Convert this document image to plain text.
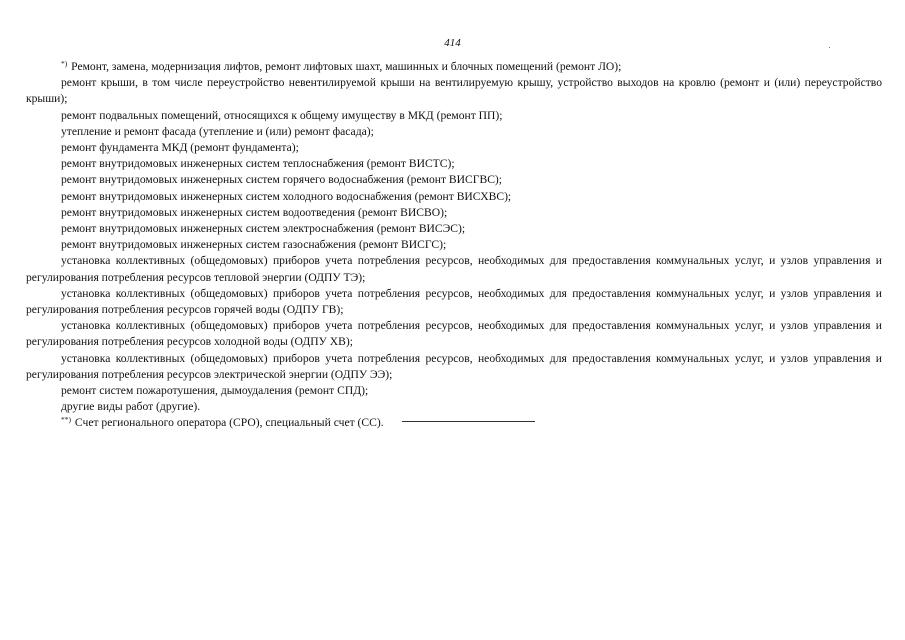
414

*) Ремонт, замена, модернизация лифтов, ремонт лифтовых шахт, машинных и блочных помещений (ремонт ЛО);

ремонт крыши, в том числе переустройство невентилируемой крыши на вентилируемую крышу, устройство выходов на кровлю (ремонт и (или) переустройство крыши);

ремонт подвальных помещений, относящихся к общему имуществу в МКД (ремонт ПП);

утепление и ремонт фасада (утепление и (или) ремонт фасада);

ремонт фундамента МКД (ремонт фундамента);

ремонт внутридомовых инженерных систем теплоснабжения (ремонт ВИСТС);

ремонт внутридомовых инженерных систем горячего водоснабжения (ремонт ВИСГВС);

ремонт внутридомовых инженерных систем холодного водоснабжения (ремонт ВИСХВС);

ремонт внутридомовых инженерных систем водоотведения (ремонт ВИСВО);

ремонт внутридомовых инженерных систем электроснабжения (ремонт ВИСЭС);

ремонт внутридомовых инженерных систем газоснабжения (ремонт ВИСГС);

установка коллективных (общедомовых) приборов учета потребления ресурсов, необходимых для предоставления коммунальных услуг, и узлов управления и регулирования потребления ресурсов тепловой энергии (ОДПУ ТЭ);

установка коллективных (общедомовых) приборов учета потребления ресурсов, необходимых для предоставления коммунальных услуг, и узлов управления и регулирования потребления ресурсов горячей воды (ОДПУ ГВ);

установка коллективных (общедомовых) приборов учета потребления ресурсов, необходимых для предоставления коммунальных услуг, и узлов управления и регулирования потребления ресурсов холодной воды (ОДПУ ХВ);

установка коллективных (общедомовых) приборов учета потребления ресурсов, необходимых для предоставления коммунальных услуг, и узлов управления и регулирования потребления ресурсов электрической энергии (ОДПУ ЭЭ);

ремонт систем пожаротушения, дымоудаления (ремонт СПД);

другие виды работ (другие).

**) Счет регионального оператора (СРО), специальный счет (СС).
